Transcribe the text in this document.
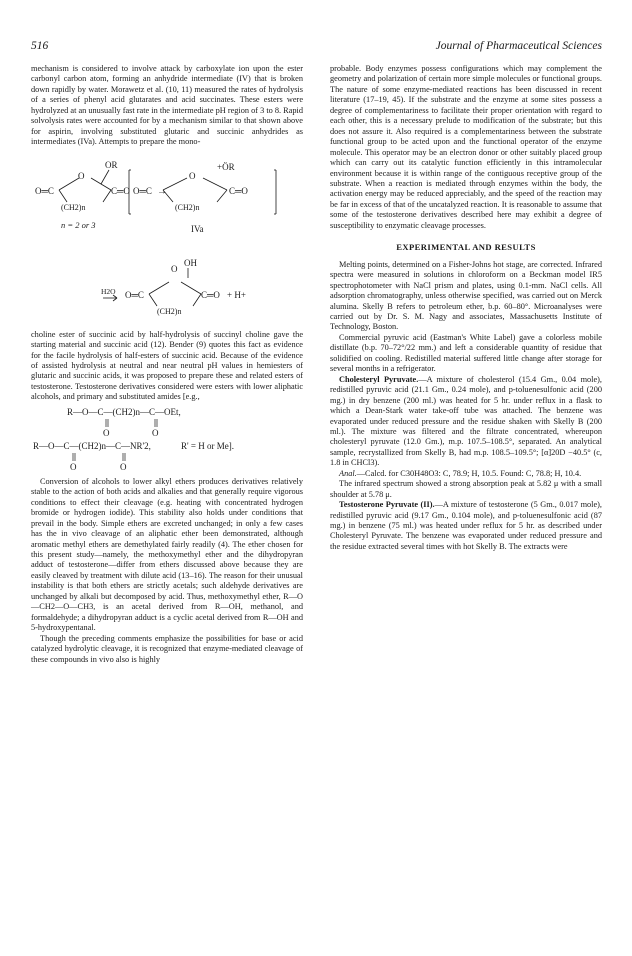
516	Journal of Pharmaceutical Sciences

mechanism is considered to involve attack by carboxylate ion upon the ester carbonyl carbon atom, forming an anhydride intermediate (IV) that is broken down rapidly by water. Morawetz et al. (10, 11) measured the rates of hydrolysis of a series of phenyl acid glutarates and acid succinates. These esters were hydrolyzed at an unusually fast rate in the intermediate pH region of 3 to 8. Rapid solvolysis rates were accounted for by a mechanism similar to that shown above for aspirin, involving substituted glutaric and succinic anhydrides as intermediates (IVa). Attempts to prepare the mono-

O
OR
O═C	C═O
(CH2)n
→
O
+ÖR
O═C	C═O
(CH2)n
n = 2 or 3	IVa
O
OH
H2O O═C	C═O + H+
(CH2)n

choline ester of succinic acid by half-hydrolysis of succinyl choline gave the starting material and succinic acid (12). Bender (9) quotes this fact as evidence for the facile hydrolysis of half-esters of succinic acid. Because of the evidence of assisted hydrolysis at neutral and near neutral pH values in hemiesters of glutaric and succinic acids, it was proposed to prepare these and related esters of testosterone. Testosterone derivatives considered were esters with lower aliphatic alcohols, and primary and substituted amides [e.g.,

R—O—C—(CH2)n—C—OEt,
O	O
R—O—C—(CH2)n—C—NR'2,	R' = H or Me].
O	O

Conversion of alcohols to lower alkyl ethers produces derivatives relatively stable to the action of both acids and alkalies and that generally require vigorous conditions to effect their cleavage (e.g. heating with concentrated hydrogen bromide or hydrogen iodide). This stability also holds under conditions that prevail in the body. Simple ethers are excreted unchanged; in only a few cases has the in vivo cleavage of an aliphatic ether been demonstrated, although aromatic methyl ethers are demethylated fairly readily (4). The ether chosen for this present study—namely, the methoxymethyl ether and the dihydropyran adduct of testosterone—differ from ethers discussed above because they are easily cleaved by treatment with dilute acid (13–16). The reason for their unusual instability is that both ethers are strictly acetals; such aldehyde derivatives are unchanged by alkali but decomposed by acid. Thus, methoxymethyl ether, R—O—CH2—O—CH3, is an acetal derived from R—OH, methanol, and formaldehyde; a dihydropyran adduct is a cyclic acetal derived from R—OH and 5-hydroxypentanal.

Though the preceding comments emphasize the possibilities for base or acid catalyzed hydrolytic cleavage, it is recognized that enzyme-mediated cleavage of these compounds in vivo also is highly

probable. Body enzymes possess configurations which may complement the geometry and polarization of certain more simple molecules or functional groups. The nature of some enzyme-mediated reactions has been discussed in recent literature (17–19, 45). If the substrate and the enzyme at some sites possess a degree of complementariness to facilitate their proper orientation with regard to each other, this is a necessary prelude to modification of the substrate; but this does not assure it. Also required is a complementariness between the substrate functional group to be acted upon and the functional operator of the enzyme molecule. This operator may be an electron donor or other suitably placed group which can carry out its catalytic function efficiently in this intramolecular environment because it is within range of the contiguous receptive group of the substrate. When a reaction is mediated through enzymes within the body, the activation energy may be reduced appreciably, and the speed of the reaction may be far in excess of that of the uncatalyzed reaction. It is reasonable to assume that some of the testosterone derivatives described here may exhibit a degree of susceptibility to enzymatic cleavage processes.

EXPERIMENTAL AND RESULTS

Melting points, determined on a Fisher-Johns hot stage, are corrected. Infrared spectra were measured in solutions in chloroform on a Beckman model IR5 spectrophotometer with NaCl prism and plates, using 0.1-mm. NaCl cells. All adsorption chromatography, unless otherwise specified, was carried out on Merck alumina. Skelly B refers to petroleum ether, b.p. 60–80°. Microanalyses were carried out by Dr. S. M. Nagy and associates, Massachusetts Institute of Technology, Boston.

Commercial pyruvic acid (Eastman's White Label) gave a colorless mobile distillate (b.p. 70–72°/22 mm.) and left a considerable quantity of residue that solidified on cooling. Redistilled material suffered little change after storage for several months in a refrigerator.

Cholesteryl Pyruvate.—A mixture of cholesterol (15.4 Gm., 0.04 mole), redistilled pyruvic acid (21.1 Gm., 0.24 mole), and p-toluenesulfonic acid (200 mg.) in dry benzene (200 ml.) was heated for 5 hr. under reflux in a flask to which a Dean-Stark water take-off tube was attached. The benzene was evaporated under reduced pressure and the residue shaken with Skelly B (200 ml.). The mixture was filtered and the filtrate concentrated, whereupon cholesteryl pyruvate (12.0 Gm.), m.p. 107.5–108.5°, separated. An analytical sample, recrystallized from Skelly B, had m.p. 108.5–109.5°; [α]20D −40.5° (c, 1.8 in CHCl3).

Anal.—Calcd. for C30H48O3: C, 78.9; H, 10.5. Found: C, 78.8; H, 10.4.

The infrared spectrum showed a strong absorption peak at 5.82 μ with a small shoulder at 5.78 μ.

Testosterone Pyruvate (II).—A mixture of testosterone (5 Gm., 0.017 mole), redistilled pyruvic acid (9.17 Gm., 0.104 mole), and p-toluenesulfonic acid (87 mg.) in benzene (75 ml.) was heated under reflux for 5 hr. as described under Cholesteryl Pyruvate. The benzene was evaporated under reduced pressure and the residue extracted several times with hot Skelly B. The extracts were
